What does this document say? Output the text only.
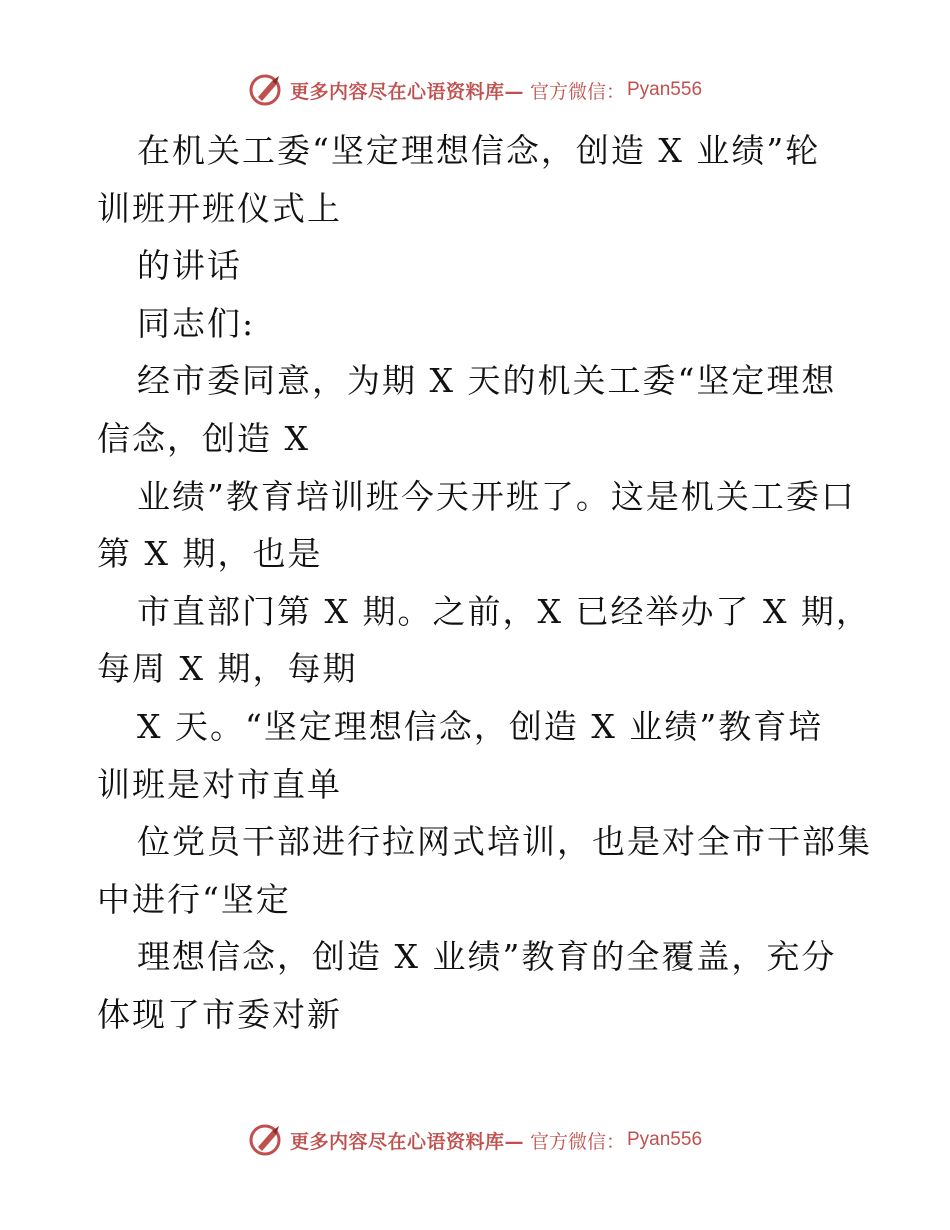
更多内容尽在心语资料库— 官方微信： Pyan556
在机关工委“坚定理想信念，创造 X 业绩”轮
训班开班仪式上
的讲话
同志们:
经市委同意，为期 X 天的机关工委“坚定理想
信念，创造 X
业绩”教育培训班今天开班了。这是机关工委口
第 X 期，也是
市直部门第 X 期。之前，X 已经举办了 X 期，
每周 X 期，每期
X 天。“坚定理想信念，创造 X 业绩”教育培
训班是对市直单
位党员干部进行拉网式培训，也是对全市干部集
中进行“坚定
理想信念，创造 X 业绩”教育的全覆盖，充分
体现了市委对新
更多内容尽在心语资料库— 官方微信： Pyan556
